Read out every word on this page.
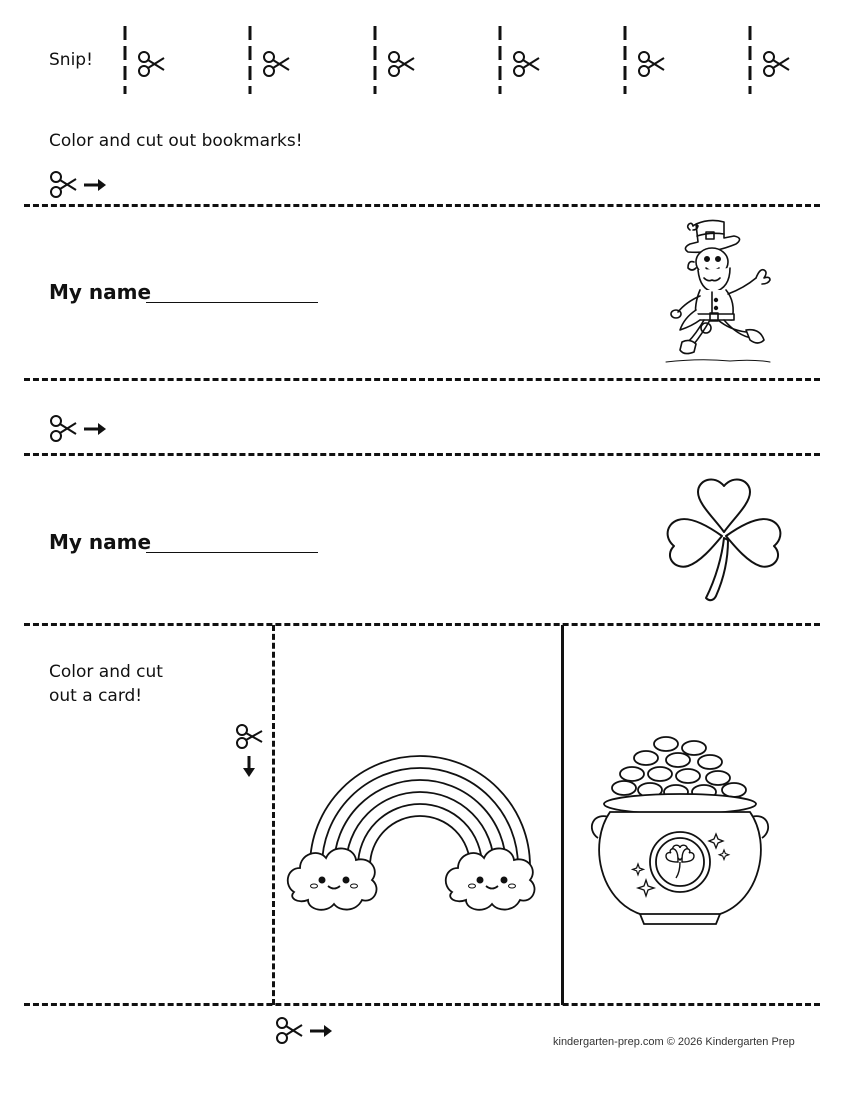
Snip!
Color and cut out bookmarks!
My name
My name
Color and cut
out a card!
kindergarten-prep.com © 2026 Kindergarten Prep
